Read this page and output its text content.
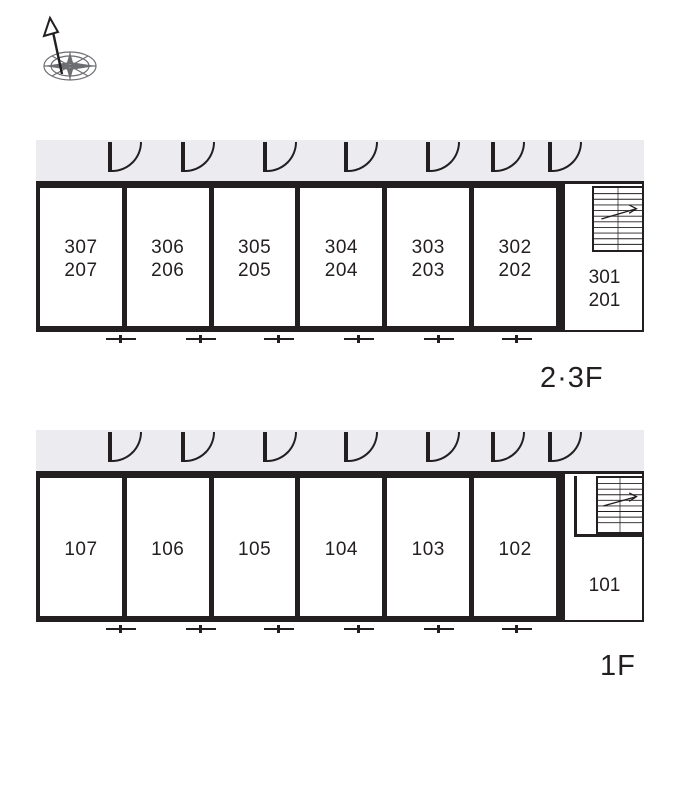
307
207
306
206
305
205
304
204
303
203
302
202	301
201
2·3F
107	106	105	104	103	102
101
1F
